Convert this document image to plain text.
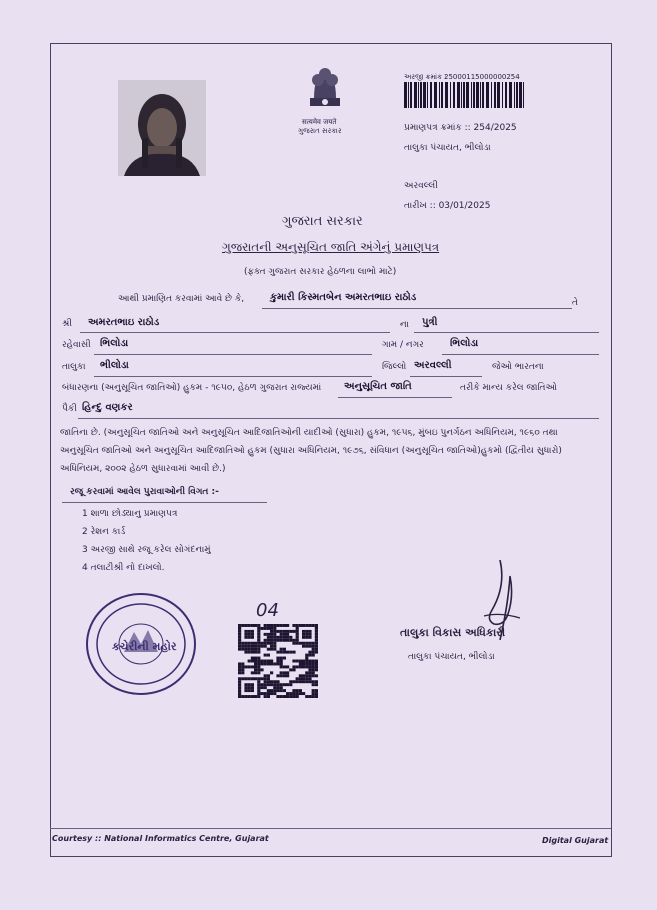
सत्यमेव जयते
ગુજરાત સરકાર
અરજી ક્રમાંક :
25000115000000254
પ્રમાણપત્ર ક્રમાંક :: 254/2025
તાલુકા પંચાયત, ભીલોડા
અરવલ્લી
તારીખ :: 03/01/2025
ગુજરાત સરકાર
ગુજરાતની અનુસૂચિત જાતિ અંગેનું પ્રમાણપત્ર
(ફક્ત ગુજરાત સરકાર હેઠળના લાભો માટે)
આથી પ્રમાણિત કરવામાં આવે છે કે,	કુમારી કિસ્મતબેન અમરતભાઇ રાઠોડ	તે
શ્રી અમરતભાઇ રાઠોડ	ના પુત્રી
રહેવાસી ભિલોડા	ગામ / નગર	ભિલોડા
તાલુકા ભીલોડા	જિલ્લો અરવલ્લી	જેઓ ભારતના
બંધારણના (અનુસૂચિત જાતિઓ) હુકમ - ૧૯૫૦, હેઠળ ગુજરાત રાજ્યમાં અનુસૂચિત જાતિ	તરીકે માન્ય કરેલ જાતિઓ
પૈકી હિન્દુ વણકર
જાતિના છે. (અનુસૂચિત જાતિઓ અને અનુસૂચિત આદિજાતિઓની યાદીઓ (સુધારા) હુકમ, ૧૯૫૬, મુંબઇ પુનર્ગઠન અધિનિયમ, ૧૯૬૦ તથા
અનુસૂચિત જાતિઓ અને અનુસૂચિત આદિજાતિઓ હુકમ (સુધારા અધિનિયમ, ૧૯૭૬, સંવિધાન (અનુસૂચિત જાતિઓ)હુકમો (દ્વિતીય સુધારો)
અધિનિયમ, ૨૦૦૨ હેઠળ સુધારવામાં આવી છે.)
રજૂ કરવામાં આવેલ પુરાવાઓની વિગત :-
1 શાળા છોડ્યાનુ પ્રમાણપત્ર
2 રેશન કાર્ડ
3 અરજી સાથે રજૂ કરેલ સોગંદનામું
4 તલાટીશ્રી નો દાખલો.
કચેરીની મહોર
04
તાલુકા વિકાસ અધિકારી
તાલુકા પંચાયત, ભીલોડા
Courtesy :: National Informatics Centre, Gujarat	Digital Gujarat
